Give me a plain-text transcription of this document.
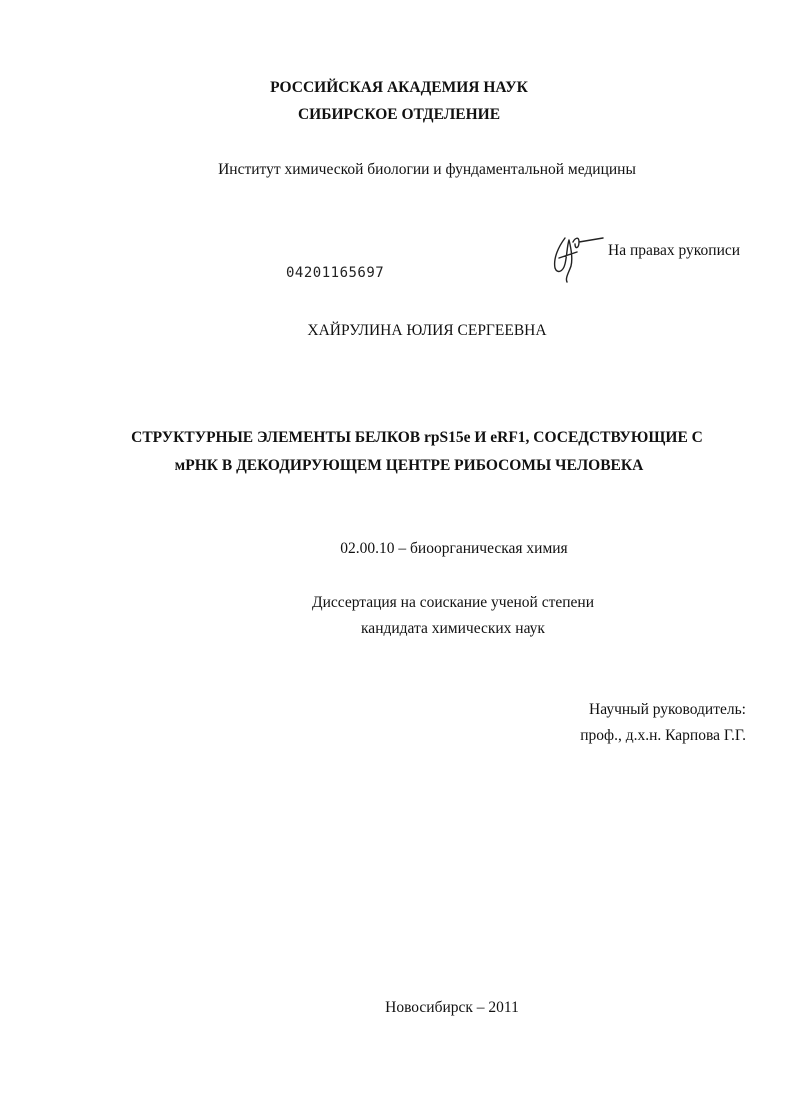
РОССИЙСКАЯ АКАДЕМИЯ НАУК
СИБИРСКОЕ ОТДЕЛЕНИЕ
Институт химической биологии и фундаментальной медицины
На правах рукописи
04201165697
ХАЙРУЛИНА ЮЛИЯ СЕРГЕЕВНА
СТРУКТУРНЫЕ ЭЛЕМЕНТЫ БЕЛКОВ rpS15e И eRF1, СОСЕДСТВУЮЩИЕ С
мРНК В ДЕКОДИРУЮЩЕМ ЦЕНТРЕ РИБОСОМЫ ЧЕЛОВЕКА
02.00.10 – биоорганическая химия
Диссертация на соискание ученой степени
кандидата химических наук
Научный руководитель:
проф., д.х.н. Карпова Г.Г.
Новосибирск – 2011
